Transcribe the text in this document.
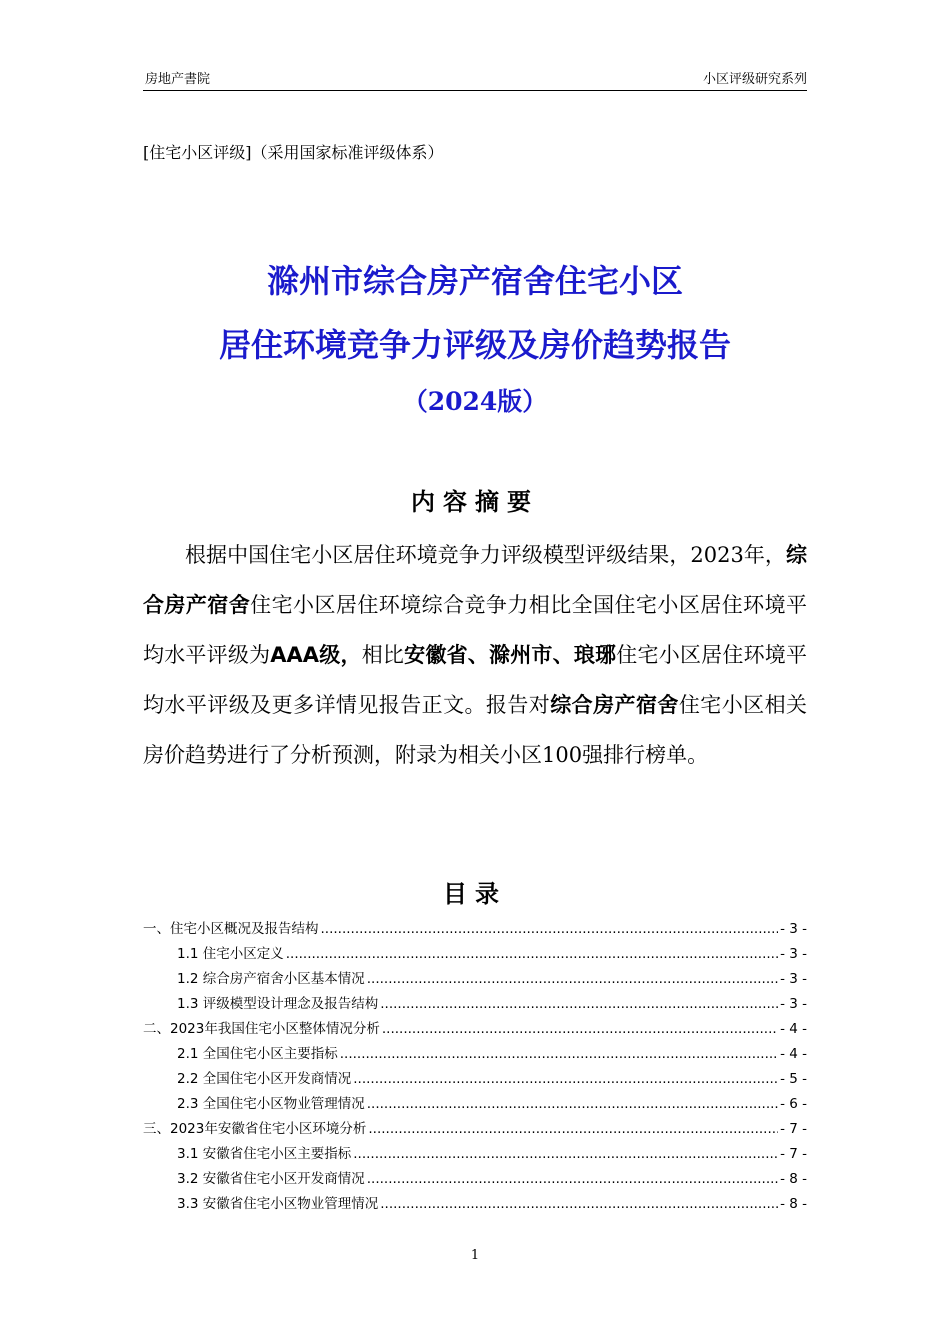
房地产書院	小区评级研究系列
[住宅小区评级]（采用国家标准评级体系）
滁州市综合房产宿舍住宅小区
居住环境竞争力评级及房价趋势报告
（2024版）
内容摘要
根据中国住宅小区居住环境竞争力评级模型评级结果，2023年，综合房产宿舍住宅小区居住环境综合竞争力相比全国住宅小区居住环境平均水平评级为AAA级，相比安徽省、滁州市、琅琊住宅小区居住环境平均水平评级及更多详情见报告正文。报告对综合房产宿舍住宅小区相关房价趋势进行了分析预测，附录为相关小区100强排行榜单。
目录
一、住宅小区概况及报告结构 .....	- 3 -
1.1 住宅小区定义 .....	- 3 -
1.2 综合房产宿舍小区基本情况 .....	- 3 -
1.3 评级模型设计理念及报告结构 .....	- 3 -
二、2023年我国住宅小区整体情况分析 .....	- 4 -
2.1 全国住宅小区主要指标 .....	- 4 -
2.2 全国住宅小区开发商情况 .....	- 5 -
2.3 全国住宅小区物业管理情况 .....	- 6 -
三、2023年安徽省住宅小区环境分析 .....	- 7 -
3.1 安徽省住宅小区主要指标 .....	- 7 -
3.2 安徽省住宅小区开发商情况 .....	- 8 -
3.3 安徽省住宅小区物业管理情况 .....	- 8 -
1
